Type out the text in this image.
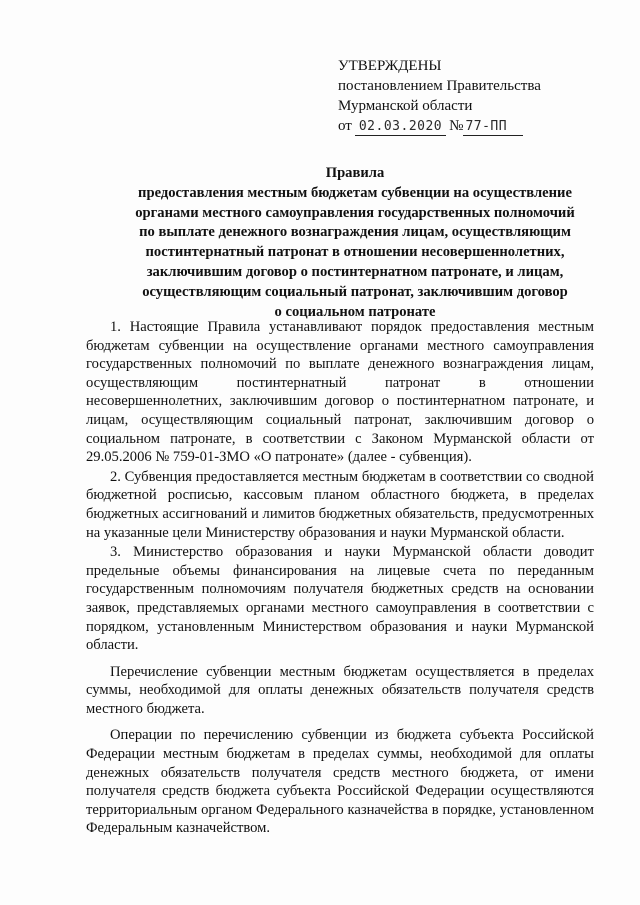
УТВЕРЖДЕНЫ
постановлением Правительства
Мурманской области
от 02.03.2020 № 77-ПП
Правила
предоставления местным бюджетам субвенции на осуществление
органами местного самоуправления государственных полномочий
по выплате денежного вознаграждения лицам, осуществляющим
постинтернатный патронат в отношении несовершеннолетних,
заключившим договор о постинтернатном патронате, и лицам,
осуществляющим социальный патронат, заключившим договор
о социальном патронате

1. Настоящие Правила устанавливают порядок предоставления местным бюджетам субвенции на осуществление органами местного самоуправления государственных полномочий по выплате денежного вознаграждения лицам, осуществляющим постинтернатный патронат в отношении несовершеннолетних, заключившим договор о постинтернатном патронате, и лицам, осуществляющим социальный патронат, заключившим договор о социальном патронате, в соответствии с Законом Мурманской области от 29.05.2006 № 759-01-ЗМО «О патронате» (далее - субвенция).

2. Субвенция предоставляется местным бюджетам в соответствии со сводной бюджетной росписью, кассовым планом областного бюджета, в пределах бюджетных ассигнований и лимитов бюджетных обязательств, предусмотренных на указанные цели Министерству образования и науки Мурманской области.

3. Министерство образования и науки Мурманской области доводит предельные объемы финансирования на лицевые счета по переданным государственным полномочиям получателя бюджетных средств на основании заявок, представляемых органами местного самоуправления в соответствии с порядком, установленным Министерством образования и науки Мурманской области.

Перечисление субвенции местным бюджетам осуществляется в пределах суммы, необходимой для оплаты денежных обязательств получателя средств местного бюджета.

Операции по перечислению субвенции из бюджета субъекта Российской Федерации местным бюджетам в пределах суммы, необходимой для оплаты денежных обязательств получателя средств местного бюджета, от имени получателя средств бюджета субъекта Российской Федерации осуществляются территориальным органом Федерального казначейства в порядке, установленном Федеральным казначейством.
